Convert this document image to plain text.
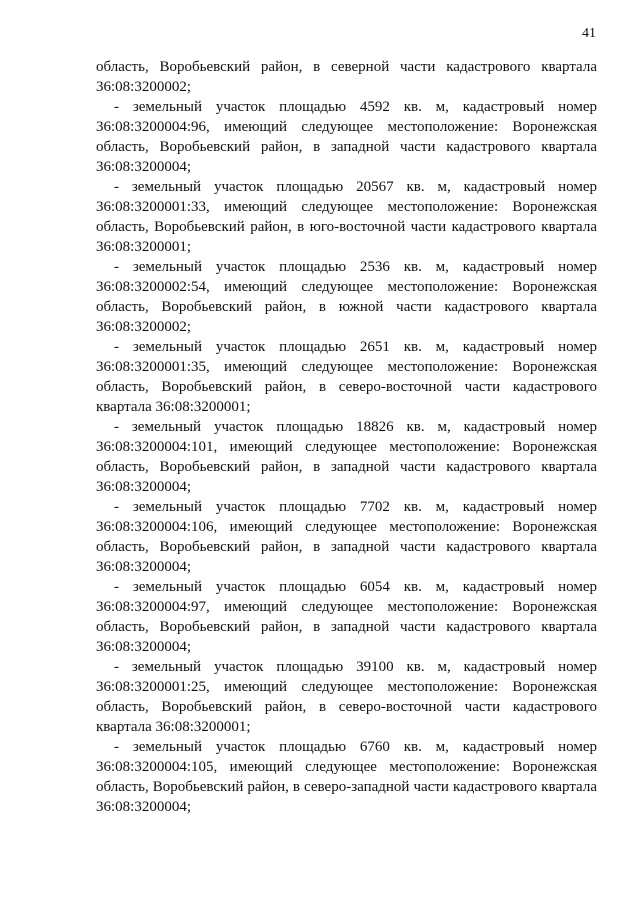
41
область, Воробьевский район, в северной части кадастрового квартала
36:08:3200002;
- земельный участок площадью 4592 кв. м, кадастровый номер
36:08:3200004:96, имеющий следующее местоположение: Воронежская
область, Воробьевский район, в западной части кадастрового квартала
36:08:3200004;
- земельный участок площадью 20567 кв. м, кадастровый номер
36:08:3200001:33, имеющий следующее местоположение: Воронежская
область, Воробьевский район, в юго-восточной части кадастрового квартала
36:08:3200001;
- земельный участок площадью 2536 кв. м, кадастровый номер
36:08:3200002:54, имеющий следующее местоположение: Воронежская
область, Воробьевский район, в южной части кадастрового квартала
36:08:3200002;
- земельный участок площадью 2651 кв. м, кадастровый номер
36:08:3200001:35, имеющий следующее местоположение: Воронежская
область, Воробьевский район, в северо-восточной части кадастрового
квартала 36:08:3200001;
- земельный участок площадью 18826 кв. м, кадастровый номер
36:08:3200004:101, имеющий следующее местоположение: Воронежская
область, Воробьевский район, в западной части кадастрового квартала
36:08:3200004;
- земельный участок площадью 7702 кв. м, кадастровый номер
36:08:3200004:106, имеющий следующее местоположение: Воронежская
область, Воробьевский район, в западной части кадастрового квартала
36:08:3200004;
- земельный участок площадью 6054 кв. м, кадастровый номер
36:08:3200004:97, имеющий следующее местоположение: Воронежская
область, Воробьевский район, в западной части кадастрового квартала
36:08:3200004;
- земельный участок площадью 39100 кв. м, кадастровый номер
36:08:3200001:25, имеющий следующее местоположение: Воронежская
область, Воробьевский район, в северо-восточной части кадастрового
квартала 36:08:3200001;
- земельный участок площадью 6760 кв. м, кадастровый номер
36:08:3200004:105, имеющий следующее местоположение: Воронежская
область, Воробьевский район, в северо-западной части кадастрового квартала
36:08:3200004;
